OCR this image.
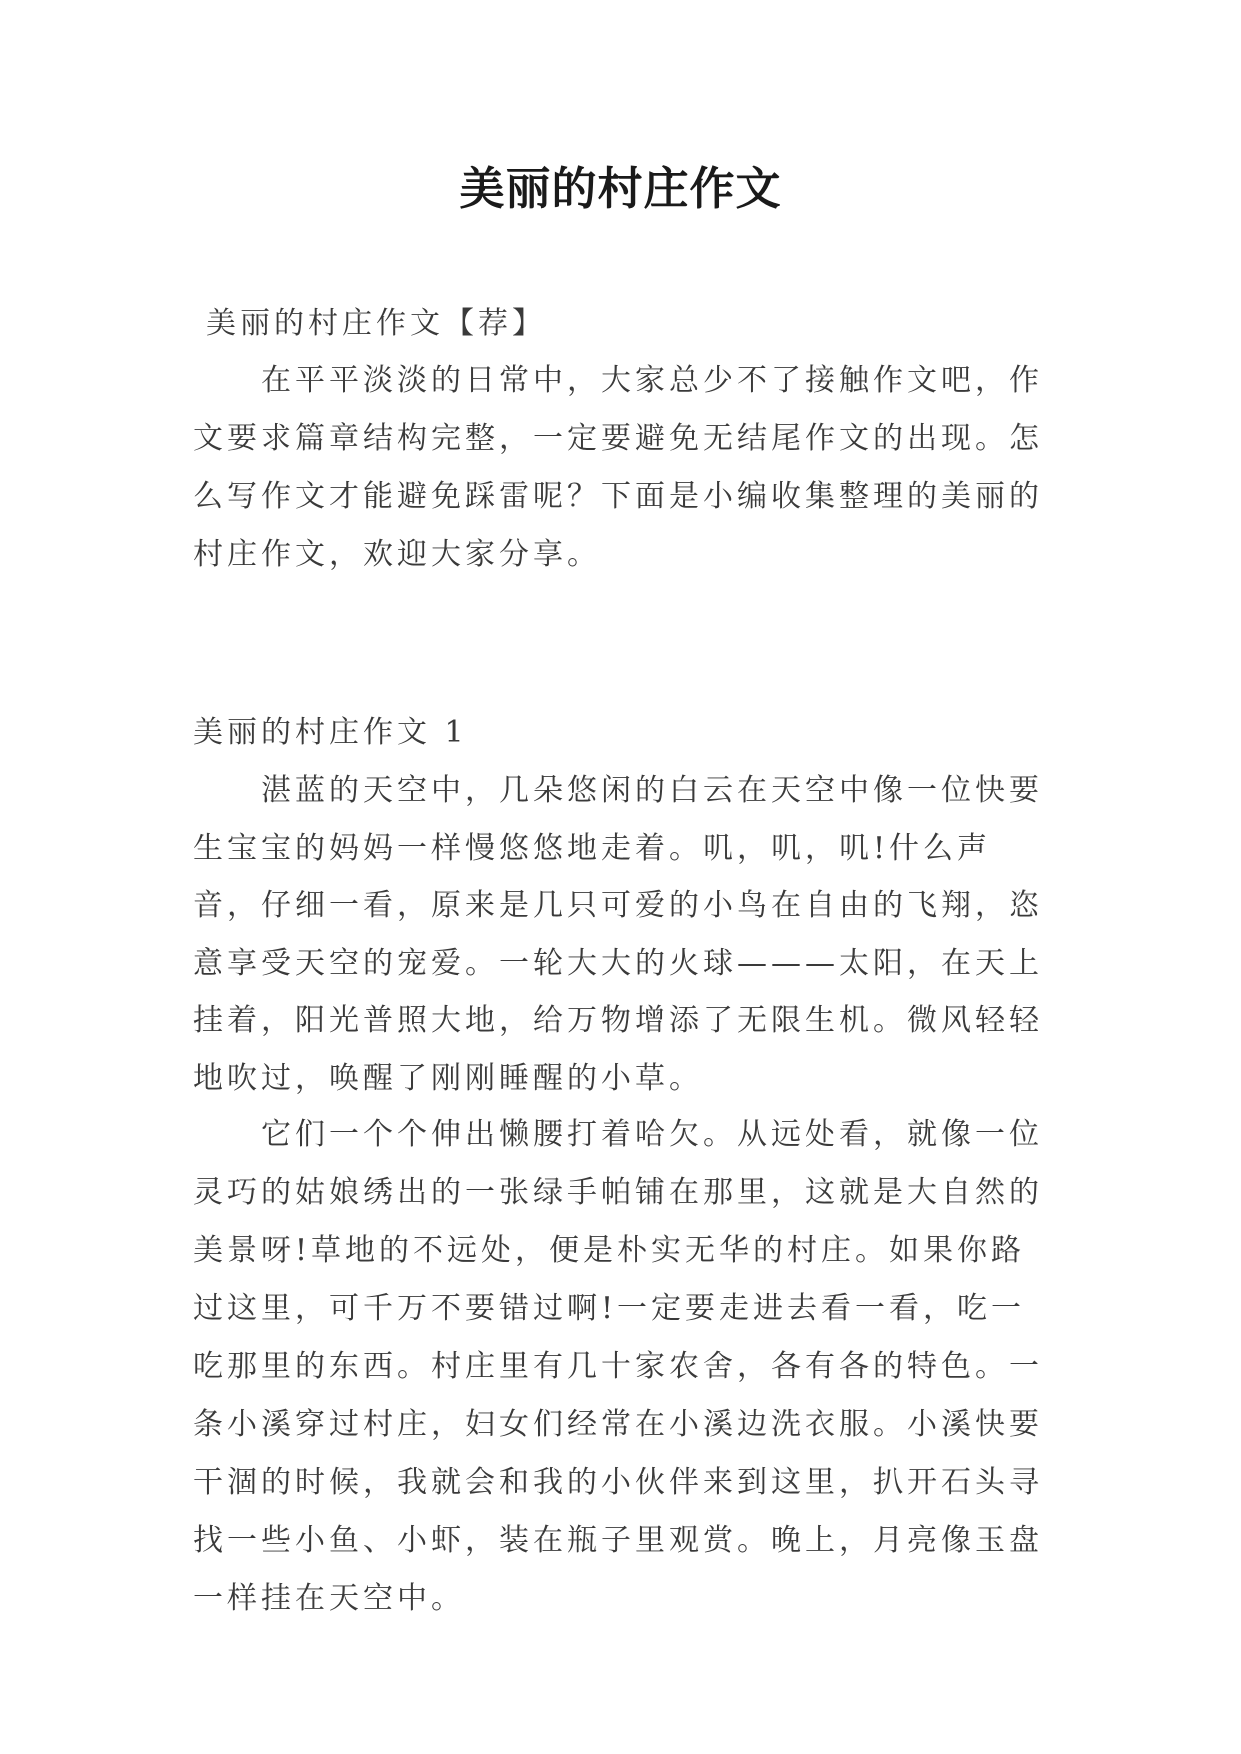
美丽的村庄作文
美丽的村庄作文【荐】

在平平淡淡的日常中，大家总少不了接触作文吧，作文要求篇章结构完整，一定要避免无结尾作文的出现。怎么写作文才能避免踩雷呢？下面是小编收集整理的美丽的村庄作文，欢迎大家分享。

美丽的村庄作文 1

湛蓝的天空中，几朵悠闲的白云在天空中像一位快要生宝宝的妈妈一样慢悠悠地走着。叽，叽，叽!什么声音，仔细一看，原来是几只可爱的小鸟在自由的飞翔，恣意享受天空的宠爱。一轮大大的火球———太阳，在天上挂着，阳光普照大地，给万物增添了无限生机。微风轻轻地吹过，唤醒了刚刚睡醒的小草。

它们一个个伸出懒腰打着哈欠。从远处看，就像一位灵巧的姑娘绣出的一张绿手帕铺在那里，这就是大自然的美景呀!草地的不远处，便是朴实无华的村庄。如果你路过这里，可千万不要错过啊!一定要走进去看一看，吃一吃那里的东西。村庄里有几十家农舍，各有各的特色。一条小溪穿过村庄，妇女们经常在小溪边洗衣服。小溪快要干涸的时候，我就会和我的小伙伴来到这里，扒开石头寻找一些小鱼、小虾，装在瓶子里观赏。晚上，月亮像玉盘一样挂在天空中。
